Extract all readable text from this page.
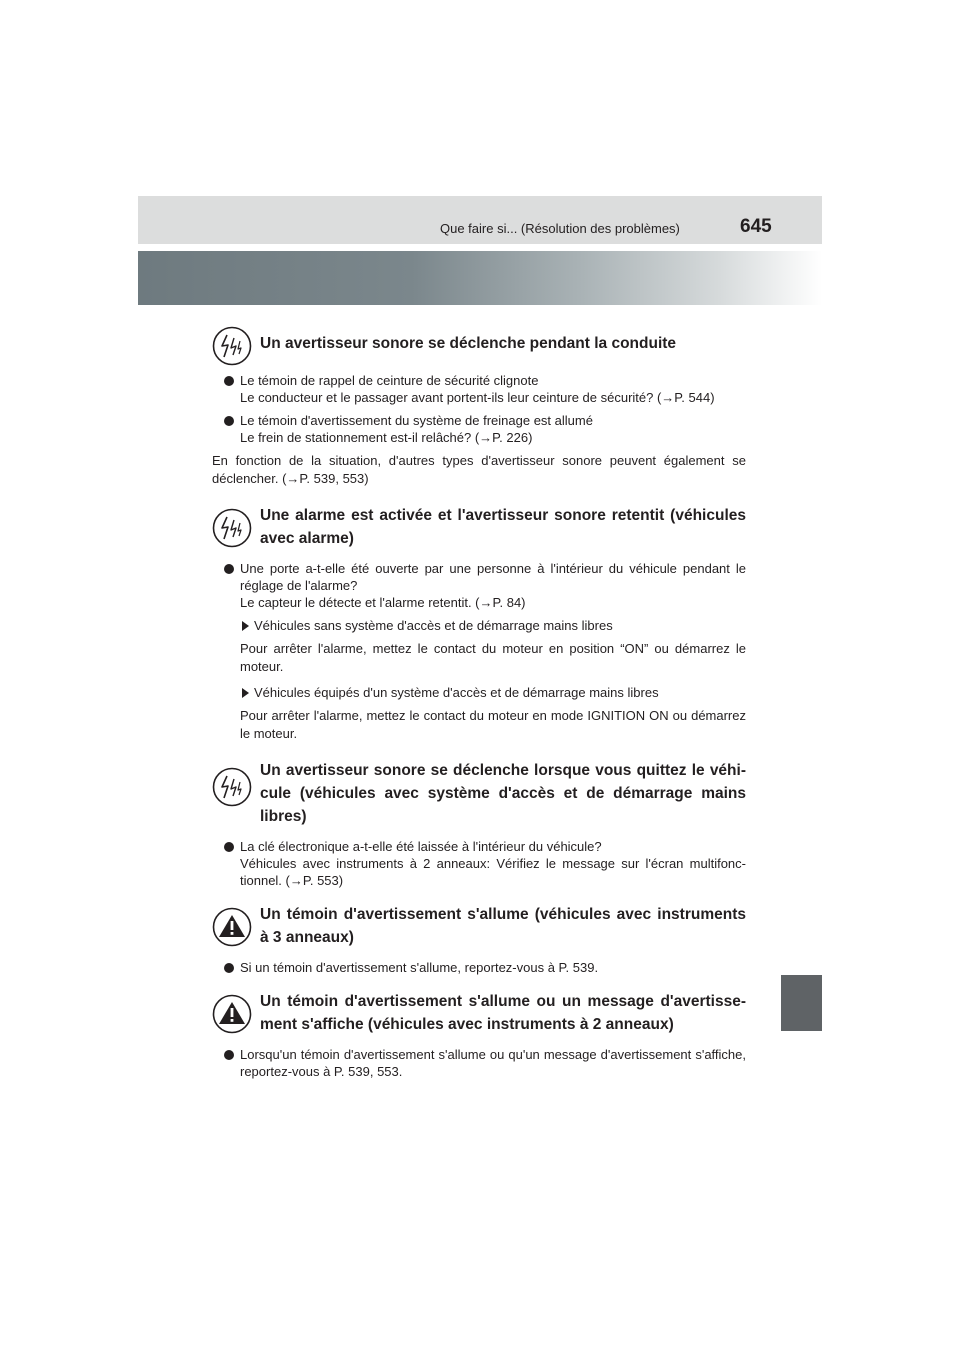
Que faire si... (Résolution des problèmes)	645
Un avertisseur sonore se déclenche pendant la conduite
Le témoin de rappel de ceinture de sécurité clignote
Le conducteur et le passager avant portent-ils leur ceinture de sécurité? (→P. 544)
Le témoin d'avertissement du système de freinage est allumé
Le frein de stationnement est-il relâché? (→P. 226)
En fonction de la situation, d'autres types d'avertisseur sonore peuvent également se déclencher. (→P. 539, 553)
Une alarme est activée et l'avertisseur sonore retentit (véhicules avec alarme)
Une porte a-t-elle été ouverte par une personne à l'intérieur du véhicule pendant le réglage de l'alarme?
Le capteur le détecte et l'alarme retentit. (→P. 84)
Véhicules sans système d'accès et de démarrage mains libres
Pour arrêter l'alarme, mettez le contact du moteur en position “ON” ou démarrez le moteur.
Véhicules équipés d'un système d'accès et de démarrage mains libres
Pour arrêter l'alarme, mettez le contact du moteur en mode IGNITION ON ou démarrez le moteur.
Un avertisseur sonore se déclenche lorsque vous quittez le véhi-cule (véhicules avec système d'accès et de démarrage mains libres)
La clé électronique a-t-elle été laissée à l'intérieur du véhicule?
Véhicules avec instruments à 2 anneaux: Vérifiez le message sur l'écran multifonc-tionnel. (→P. 553)
Un témoin d'avertissement s'allume (véhicules avec instruments à 3 anneaux)
Si un témoin d'avertissement s'allume, reportez-vous à P. 539.
Un témoin d'avertissement s'allume ou un message d'avertisse-ment s'affiche (véhicules avec instruments à 2 anneaux)
Lorsqu'un témoin d'avertissement s'allume ou qu'un message d'avertissement s'affiche, reportez-vous à P. 539, 553.
